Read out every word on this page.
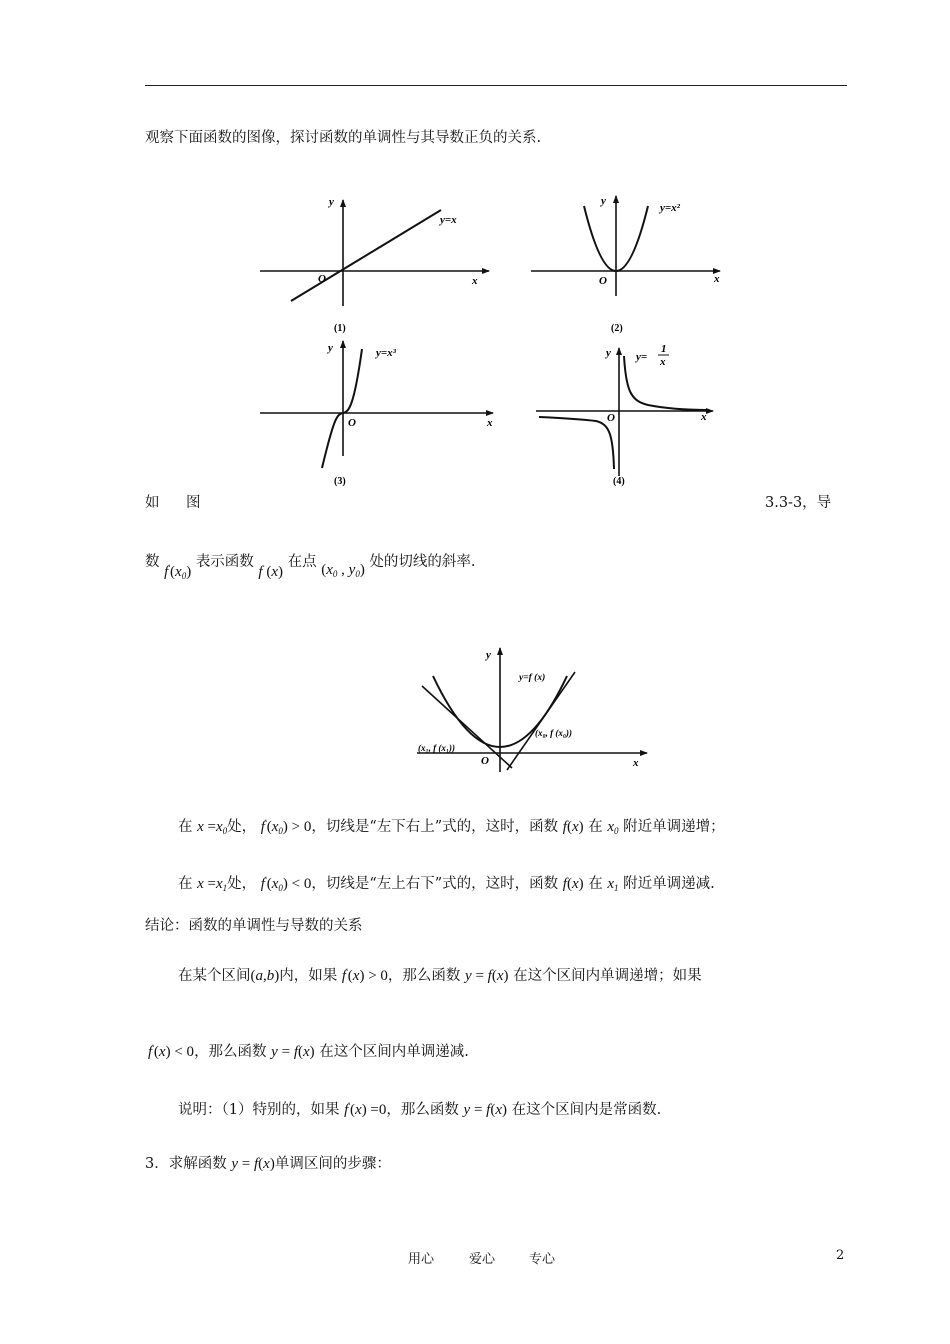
观察下面函数的图像，探讨函数的单调性与其导数正负的关系.
y
x
O
y=x
(1)
y
x
O
y=x²
(2)
y
x
O
y=x³
(3)
y
x
O
y=
1
x
(4)
如 图	3.3-3，导
数 $f'(x_0)$ 表示函数 f (x) 在点 ($x_0$ , $y_0$) 处的切线的斜率.
y
x
O
y=f (x)
(x₀, f (x₀))
(x₁, f (x₁))
在 $x =x_0$处， $f'(x_0) > 0$，切线是“左下右上”式的，这时，函数 f(x) 在 $x_0$ 附近单调递增；
在 $x =x_1$处， $f'(x_0) < 0$，切线是“左上右下”式的，这时，函数 f(x) 在 $x_1$ 附近单调递减.
结论：函数的单调性与导数的关系
在某个区间(a,b)内，如果 f′(x) > 0，那么函数 y = f(x) 在这个区间内单调递增；如果
f′(x) < 0，那么函数 y = f(x) 在这个区间内单调递减.
说明：（1）特别的，如果 f′(x) =0，那么函数 y = f(x) 在这个区间内是常函数.
3．求解函数 y = f(x)单调区间的步骤：
用心	爱心	专心	2
